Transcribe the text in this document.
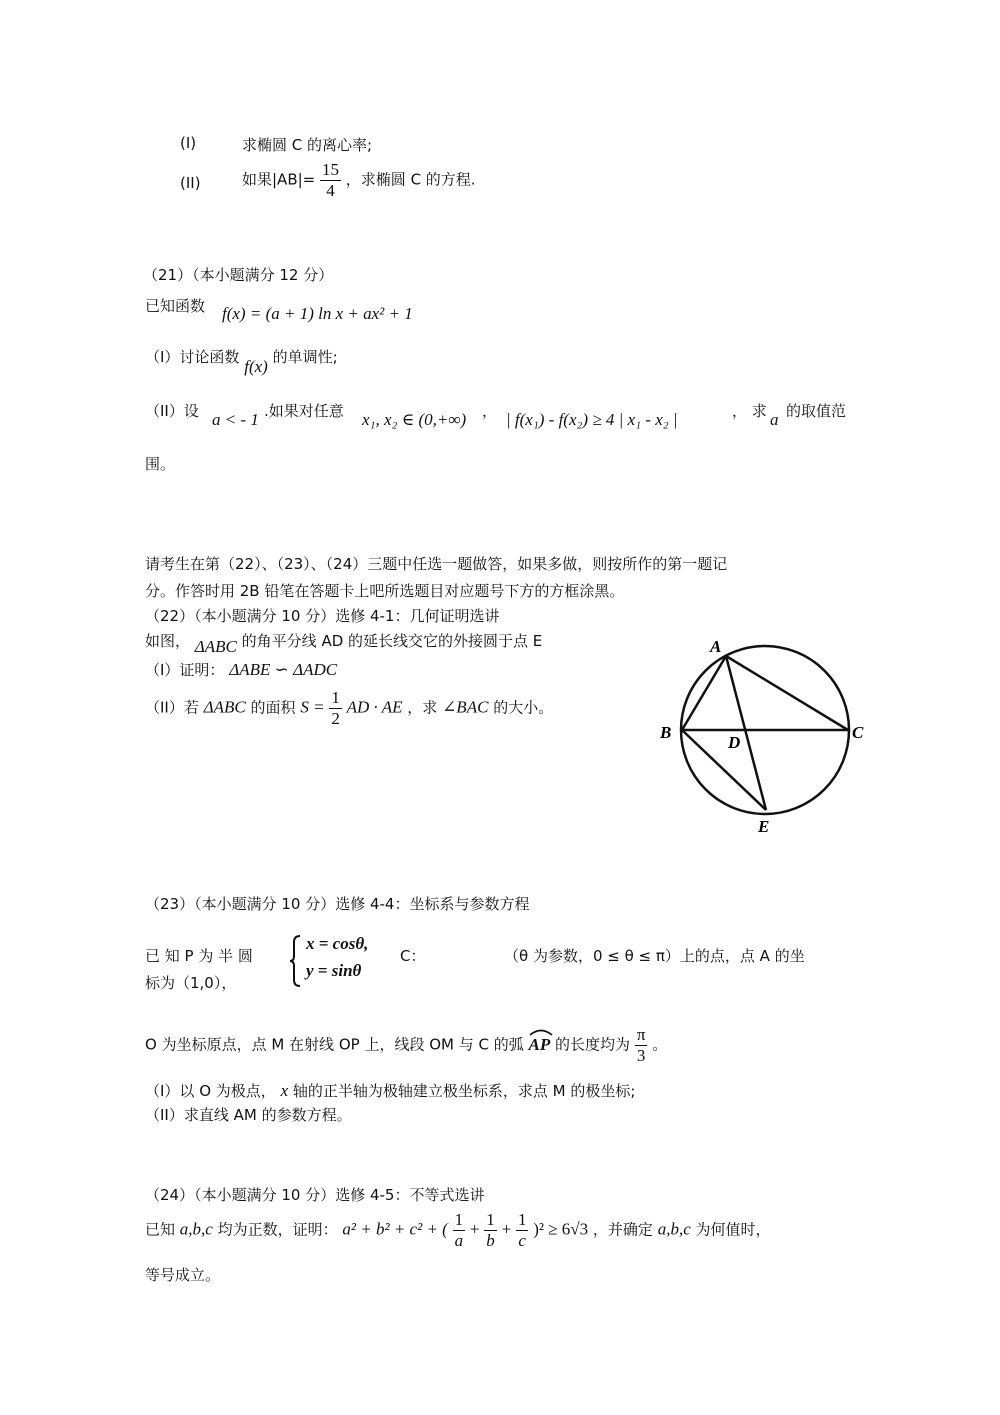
(I)	求椭圆 C 的离心率;
(II)	如果$|AB|= \frac{15}{4}$ ，求椭圆 C 的方程.
（21）（本小题满分 12 分）
已知函数 f(x) = (a + 1) ln x + ax² + 1
（I）讨论函数 f(x) 的单调性;
（II）设 a < - 1 .如果对任意 x₁, x₂ ∈ (0,+∞) ， | f(x₁) - f(x₂) ≥ 4 | x₁ - x₂ |	， 求 a 的取值范
围。
请考生在第（22）、（23）、（24）三题中任选一题做答，如果多做，则按所作的第一题记
分。作答时用 2B 铅笔在答题卡上吧所选题目对应题号下方的方框涂黑。
（22）（本小题满分 10 分）选修 4-1：几何证明选讲
如图， ΔABC 的角平分线 AD 的延长线交它的外接圆于点 E
（I）证明： ΔABE ∽ ΔADC
（II）若 ΔABC 的面积 $S = \frac{1}{2}$ AD · AE ，求 ∠BAC 的大小。
A
B	C
D
E
（23）（本小题满分 10 分）选修 4-4：坐标系与参数方程
已 知 P 为 半 圆
x = cosθ,
y = sinθ
C：	（θ 为参数，0 ≤ θ ≤ π）上的点，点 A 的坐
标为（1,0），
O 为坐标原点，点 M 在射线 OP 上，线段 OM 与 C 的弧 AP 的长度均为 $\frac{\pi}{3}$ 。
（I）以 O 为极点， x 轴的正半轴为极轴建立极坐标系，求点 M 的极坐标;
（II）求直线 AM 的参数方程。
（24）（本小题满分 10 分）选修 4-5：不等式选讲
已知 a,b,c 均为正数，证明： a² + b² + c² + ( $\frac{1}{a} + \frac{1}{b} + \frac{1}{c} )^2 \ge 6√3$ ，并确定 a,b,c 为何值时，
等号成立。
